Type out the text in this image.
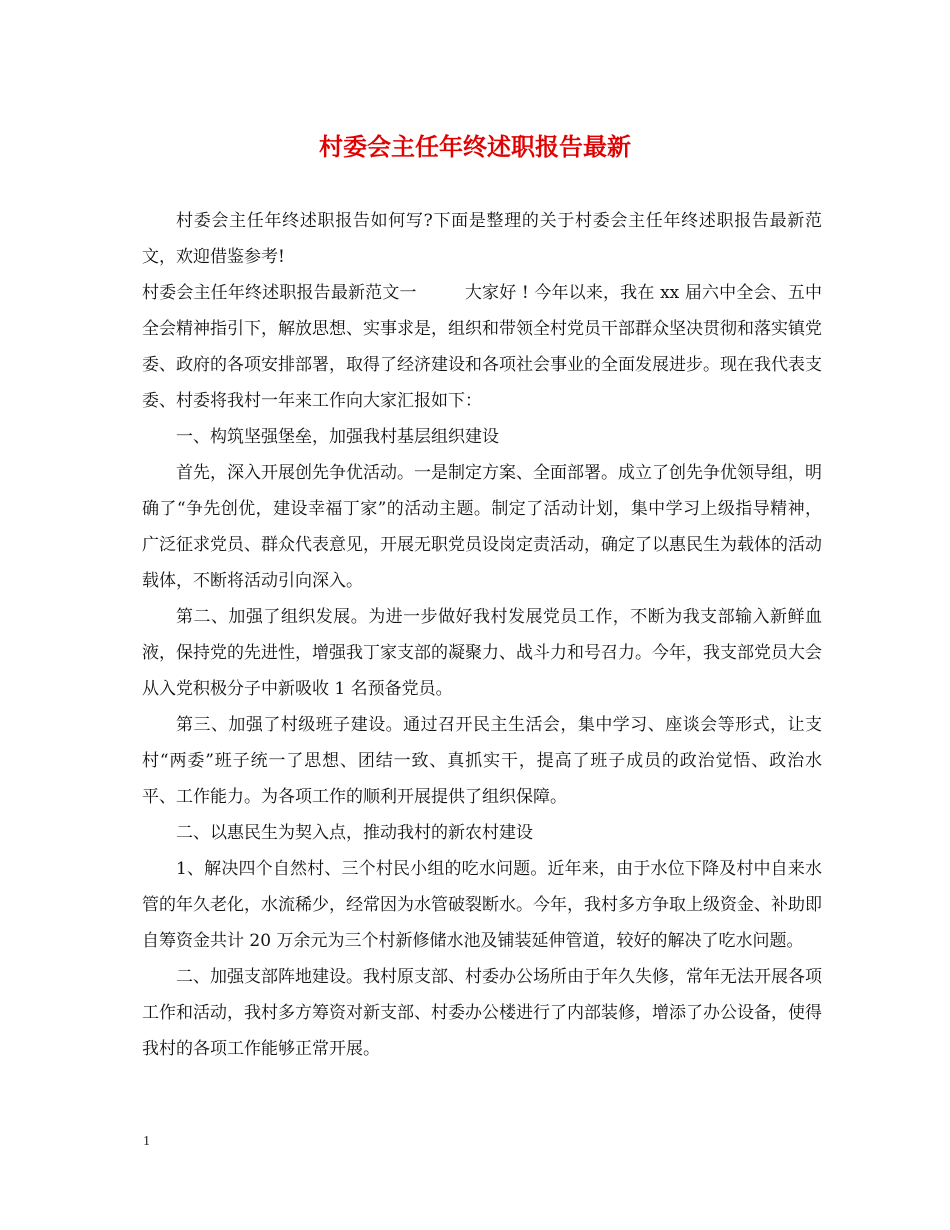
村委会主任年终述职报告最新

村委会主任年终述职报告如何写?下面是整理的关于村委会主任年终述职报告最新范文，欢迎借鉴参考!

村委会主任年终述职报告最新范文一	大家好 ! 今年以来，我在 xx 届六中全会、五中全会精神指引下，解放思想、实事求是，组织和带领全村党员干部群众坚决贯彻和落实镇党委、政府的各项安排部署，取得了经济建设和各项社会事业的全面发展进步。现在我代表支委、村委将我村一年来工作向大家汇报如下：

一、构筑坚强堡垒，加强我村基层组织建设

首先，深入开展创先争优活动。一是制定方案、全面部署。成立了创先争优领导组，明确了“争先创优，建设幸福丁家”的活动主题。制定了活动计划，集中学习上级指导精神，广泛征求党员、群众代表意见，开展无职党员设岗定责活动，确定了以惠民生为载体的活动载体，不断将活动引向深入。

第二、加强了组织发展。为进一步做好我村发展党员工作，不断为我支部输入新鲜血液，保持党的先进性，增强我丁家支部的凝聚力、战斗力和号召力。今年，我支部党员大会从入党积极分子中新吸收 1 名预备党员。

第三、加强了村级班子建设。通过召开民主生活会，集中学习、座谈会等形式，让支村“两委”班子统一了思想、团结一致、真抓实干，提高了班子成员的政治觉悟、政治水平、工作能力。为各项工作的顺利开展提供了组织保障。

二、以惠民生为契入点，推动我村的新农村建设

1、解决四个自然村、三个村民小组的吃水问题。近年来，由于水位下降及村中自来水管的年久老化，水流稀少，经常因为水管破裂断水。今年，我村多方争取上级资金、补助即自筹资金共计 20 万余元为三个村新修储水池及铺装延伸管道，较好的解决了吃水问题。

二、加强支部阵地建设。我村原支部、村委办公场所由于年久失修，常年无法开展各项工作和活动，我村多方筹资对新支部、村委办公楼进行了内部装修，增添了办公设备，使得我村的各项工作能够正常开展。

1
